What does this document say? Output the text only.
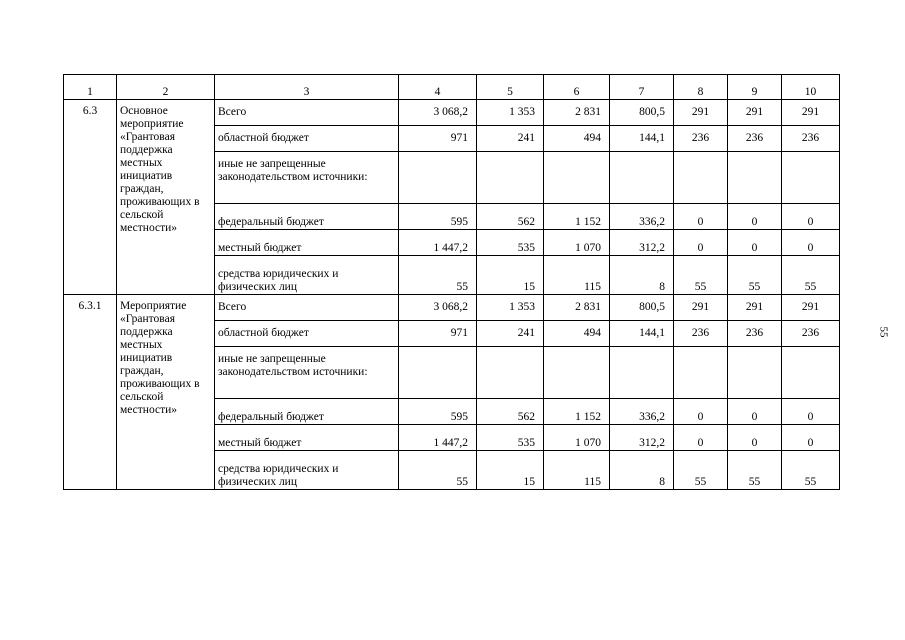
1	2	3	4	5	6	7	8	9	10
6.3	Основное мероприятие «Грантовая поддержка местных инициатив граждан, проживающих в сельской местности»	Всего	3 068,2	1 353	2 831	800,5	291	291	291
		областной бюджет	971	241	494	144,1	236	236	236
		иные не запрещенные законодательством источники:							
		федеральный бюджет	595	562	1 152	336,2	0	0	0
		местный бюджет	1 447,2	535	1 070	312,2	0	0	0
		средства юридических и физических лиц	55	15	115	8	55	55	55
6.3.1	Мероприятие «Грантовая поддержка местных инициатив граждан, проживающих в сельской местности»	Всего	3 068,2	1 353	2 831	800,5	291	291	291
		областной бюджет	971	241	494	144,1	236	236	236
		иные не запрещенные законодательством источники:							
		федеральный бюджет	595	562	1 152	336,2	0	0	0
		местный бюджет	1 447,2	535	1 070	312,2	0	0	0
		средства юридических и физических лиц	55	15	115	8	55	55	55
55
